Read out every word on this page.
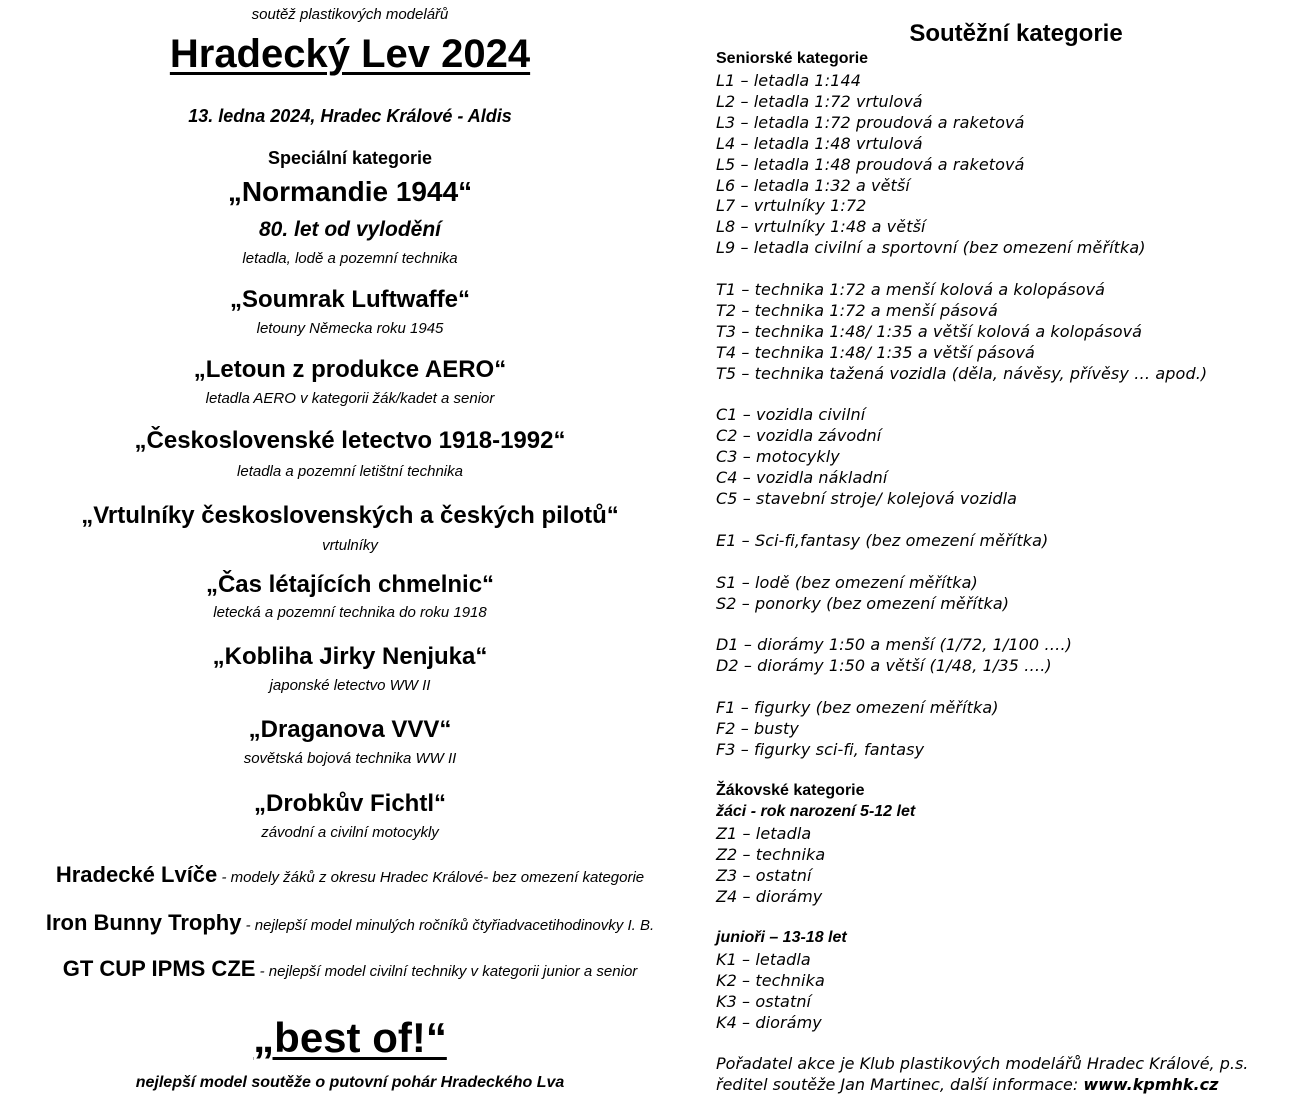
soutěž plastikových modelářů
Hradecký Lev 2024
13. ledna 2024, Hradec Králové - Aldis
Speciální kategorie
„Normandie 1944“
80. let od vylodění
letadla, lodě a pozemní technika
„Soumrak Luftwaffe“
letouny Německa roku 1945
„Letoun z produkce AERO“
letadla AERO v kategorii žák/kadet a senior
„Československé letectvo 1918-1992“
letadla a pozemní letištní technika
„Vrtulníky československých a českých pilotů“
vrtulníky
„Čas létajících chmelnic“
letecká a pozemní technika do roku 1918
„Kobliha Jirky Nenjuka“
japonské letectvo WW II
„Draganova VVV“
sovětská bojová technika WW II
„Drobkův Fichtl“
závodní a civilní motocykly
Hradecké Lvíče - modely žáků z okresu Hradec Králové- bez omezení kategorie
Iron Bunny Trophy - nejlepší model minulých ročníků čtyřiadvacetihodinovky I. B.
GT CUP IPMS CZE - nejlepší model civilní techniky v kategorii junior a senior
„best of!“
nejlepší model soutěže o putovní pohár Hradeckého Lva
Soutěžní kategorie
Seniorské kategorie
L1 – letadla 1:144
L2 – letadla 1:72 vrtulová
L3 – letadla 1:72 proudová a raketová
L4 – letadla 1:48 vrtulová
L5 – letadla 1:48 proudová a raketová
L6 – letadla 1:32 a větší
L7 – vrtulníky 1:72
L8 – vrtulníky 1:48 a větší
L9 – letadla civilní a sportovní (bez omezení měřítka)
T1 – technika 1:72 a menší kolová a kolopásová
T2 – technika 1:72 a menší pásová
T3 – technika 1:48/ 1:35 a větší kolová a kolopásová
T4 – technika 1:48/ 1:35 a větší pásová
T5 – technika tažená vozidla (děla, návěsy, přívěsy … apod.)
C1 – vozidla civilní
C2 – vozidla závodní
C3 – motocykly
C4 – vozidla nákladní
C5 – stavební stroje/ kolejová vozidla
E1 – Sci-fi,fantasy (bez omezení měřítka)
S1 – lodě (bez omezení měřítka)
S2 – ponorky (bez omezení měřítka)
D1 – diorámy 1:50 a menší (1/72, 1/100 ….)
D2 – diorámy 1:50 a větší (1/48, 1/35 ….)
F1 – figurky (bez omezení měřítka)
F2 – busty
F3 – figurky sci-fi, fantasy
Žákovské kategorie
žáci - rok narození 5-12 let
Z1 – letadla
Z2 – technika
Z3 – ostatní
Z4 – diorámy
junioři – 13-18 let
K1 – letadla
K2 – technika
K3 – ostatní
K4 – diorámy
Pořadatel akce je Klub plastikových modelářů Hradec Králové, p.s.
ředitel soutěže Jan Martinec, další informace: www.kpmhk.cz
